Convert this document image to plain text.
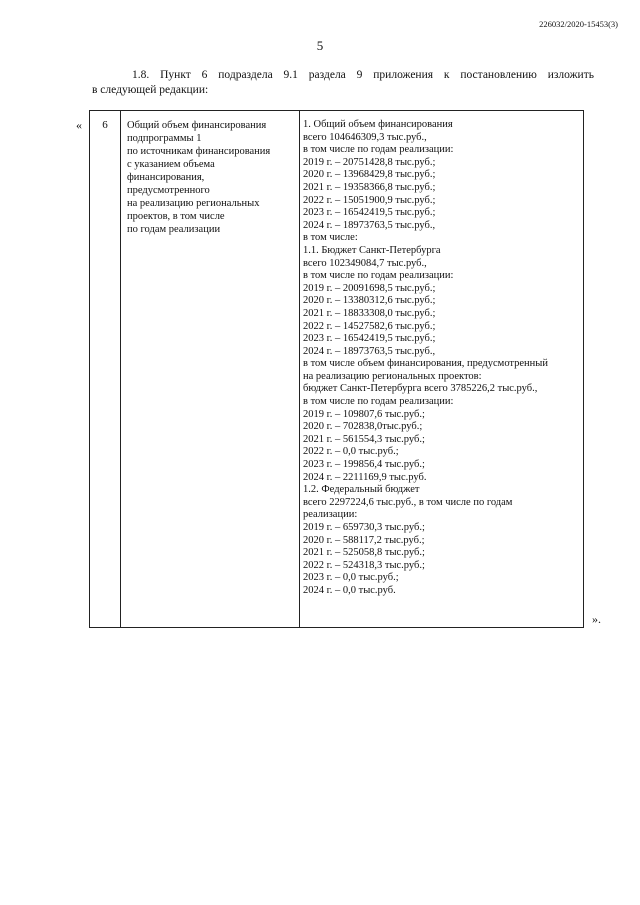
226032/2020-15453(3)
5
1.8. Пункт 6 подраздела 9.1 раздела 9 приложения к постановлению изложить
в следующей редакции:
«	6	Общий объем финансирования
подпрограммы 1
по источникам финансирования
с указанием объема
финансирования,
предусмотренного
на реализацию региональных
проектов, в том числе
по годам реализации
1. Общий объем финансирования
всего 104646309,3 тыс.руб.,
в том числе по годам реализации:
2019 г. – 20751428,8 тыс.руб.;
2020 г. – 13968429,8 тыс.руб.;
2021 г. – 19358366,8 тыс.руб.;
2022 г. – 15051900,9 тыс.руб.;
2023 г. – 16542419,5 тыс.руб.;
2024 г. – 18973763,5 тыс.руб.,
в том числе:
1.1. Бюджет Санкт-Петербурга
всего 102349084,7 тыс.руб.,
в том числе по годам реализации:
2019 г. – 20091698,5 тыс.руб.;
2020 г. – 13380312,6 тыс.руб.;
2021 г. – 18833308,0 тыс.руб.;
2022 г. – 14527582,6 тыс.руб.;
2023 г. – 16542419,5 тыс.руб.;
2024 г. – 18973763,5 тыс.руб.,
в том числе объем финансирования, предусмотренный
на реализацию региональных проектов:
бюджет Санкт-Петербурга всего 3785226,2 тыс.руб.,
в том числе по годам реализации:
2019 г. – 109807,6 тыс.руб.;
2020 г. – 702838,0тыс.руб.;
2021 г. – 561554,3 тыс.руб.;
2022 г. – 0,0 тыс.руб.;
2023 г. – 199856,4 тыс.руб.;
2024 г. – 2211169,9 тыс.руб.
1.2. Федеральный бюджет
всего 2297224,6 тыс.руб., в том числе по годам
реализации:
2019 г. – 659730,3 тыс.руб.;
2020 г. – 588117,2 тыс.руб.;
2021 г. – 525058,8 тыс.руб.;
2022 г. – 524318,3 тыс.руб.;
2023 г. – 0,0 тыс.руб.;
2024 г. – 0,0 тыс.руб.
».
